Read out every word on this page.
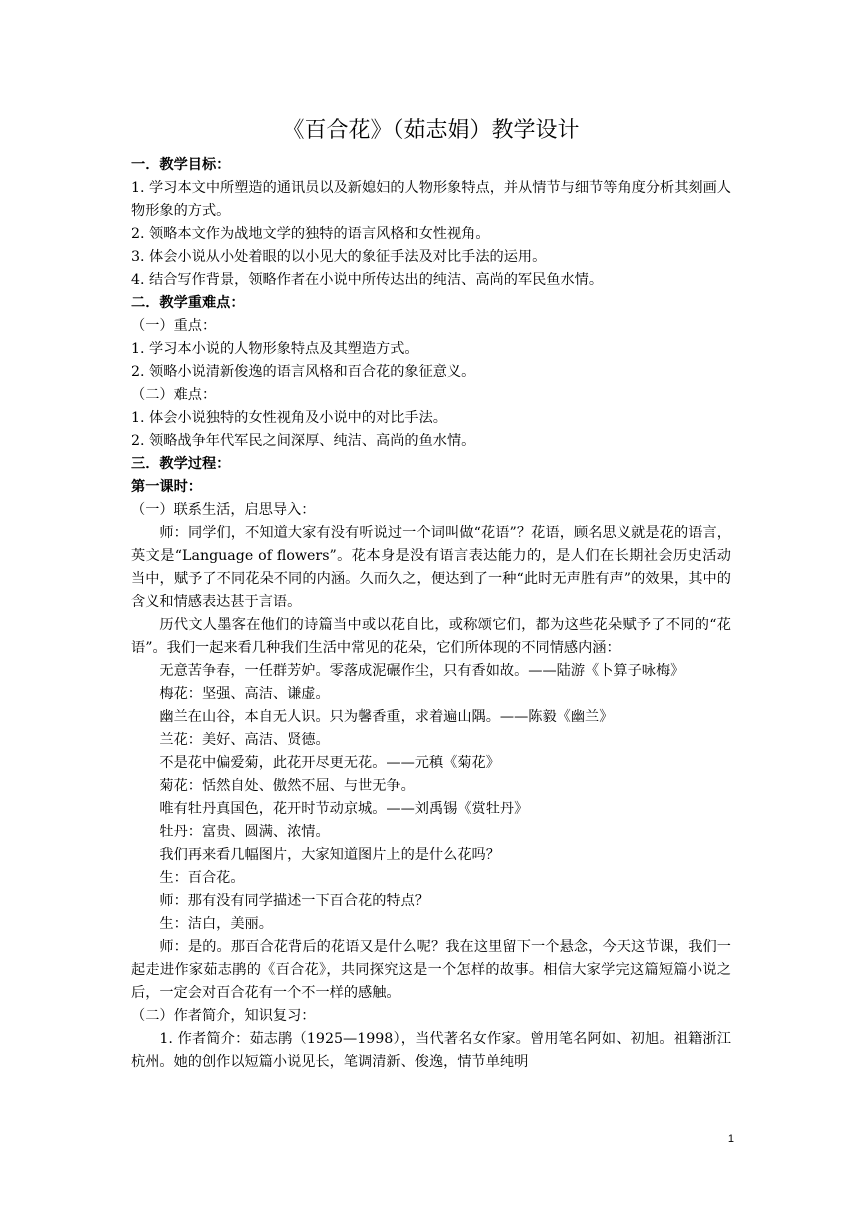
《百合花》（茹志娟）教学设计

一．教学目标：

1. 学习本文中所塑造的通讯员以及新媳妇的人物形象特点，并从情节与细节等角度分析其刻画人物形象的方式。

2. 领略本文作为战地文学的独特的语言风格和女性视角。

3. 体会小说从小处着眼的以小见大的象征手法及对比手法的运用。

4. 结合写作背景，领略作者在小说中所传达出的纯洁、高尚的军民鱼水情。

二．教学重难点：

（一）重点：

1. 学习本小说的人物形象特点及其塑造方式。

2. 领略小说清新俊逸的语言风格和百合花的象征意义。

（二）难点：

1. 体会小说独特的女性视角及小说中的对比手法。

2. 领略战争年代军民之间深厚、纯洁、高尚的鱼水情。

三．教学过程：

第一课时：

（一）联系生活，启思导入：

师：同学们，不知道大家有没有听说过一个词叫做“花语”？花语，顾名思义就是花的语言，英文是“Language of flowers”。花本身是没有语言表达能力的，是人们在长期社会历史活动当中，赋予了不同花朵不同的内涵。久而久之，便达到了一种“此时无声胜有声”的效果，其中的含义和情感表达甚于言语。

历代文人墨客在他们的诗篇当中或以花自比，或称颂它们，都为这些花朵赋予了不同的“花语”。我们一起来看几种我们生活中常见的花朵，它们所体现的不同情感内涵：

无意苦争春，一任群芳妒。零落成泥碾作尘，只有香如故。——陆游《卜算子咏梅》

梅花：坚强、高洁、谦虚。

幽兰在山谷，本自无人识。只为馨香重，求着遍山隅。——陈毅《幽兰》

兰花：美好、高洁、贤德。

不是花中偏爱菊，此花开尽更无花。——元稹《菊花》

菊花：恬然自处、傲然不屈、与世无争。

唯有牡丹真国色，花开时节动京城。——刘禹锡《赏牡丹》

牡丹：富贵、圆满、浓情。

我们再来看几幅图片，大家知道图片上的是什么花吗？

生：百合花。

师：那有没有同学描述一下百合花的特点？

生：洁白，美丽。

师：是的。那百合花背后的花语又是什么呢？我在这里留下一个悬念，今天这节课，我们一起走进作家茹志鹃的《百合花》，共同探究这是一个怎样的故事。相信大家学完这篇短篇小说之后，一定会对百合花有一个不一样的感触。

（二）作者简介，知识复习：

1. 作者简介：茹志鹃（1925—1998），当代著名女作家。曾用笔名阿如、初旭。祖籍浙江杭州。她的创作以短篇小说见长，笔调清新、俊逸，情节单纯明

1
